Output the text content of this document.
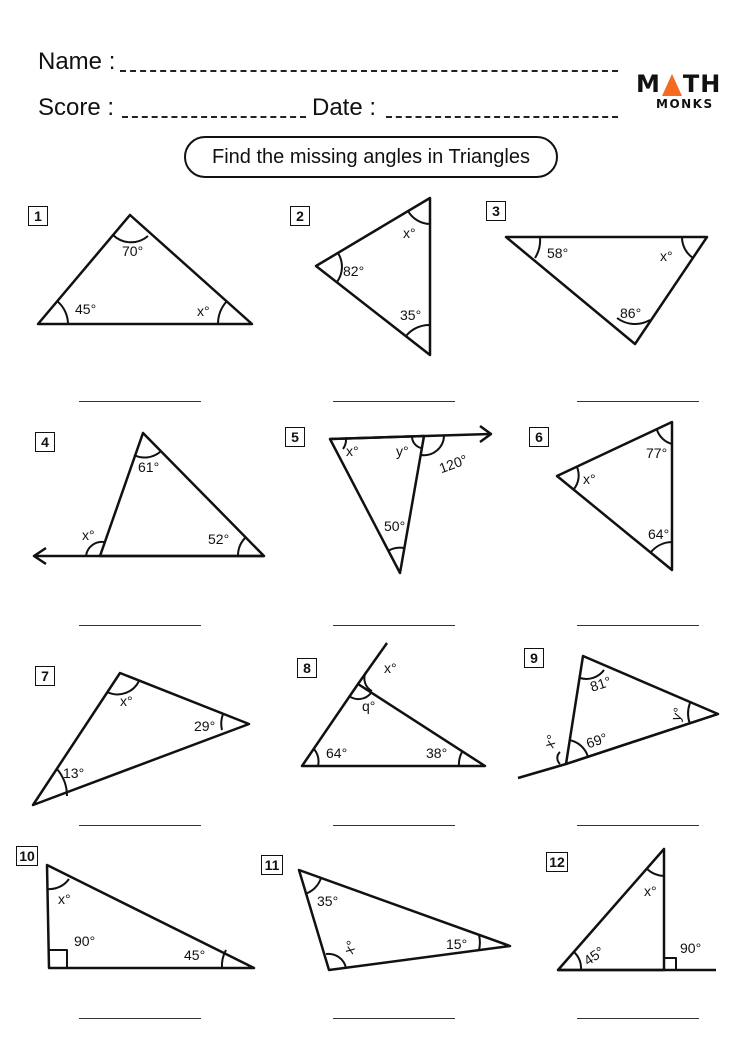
Name :
Score :	Date :
M TH
MONKS
Find the missing angles in Triangles
1	2	3
4	5	6
7	8
9
10
11	12
70°
45°	x°
x°
82°
35°
58°	x°
86°
61°
x°	52°
x°	y°
120°
50°
77°
x°
64°
x°
29°
13°
x°
q°
64°	38°
81°
y°
x° 69°
x°
90°
45°
35°
x°	15°
x°
45°	90°
